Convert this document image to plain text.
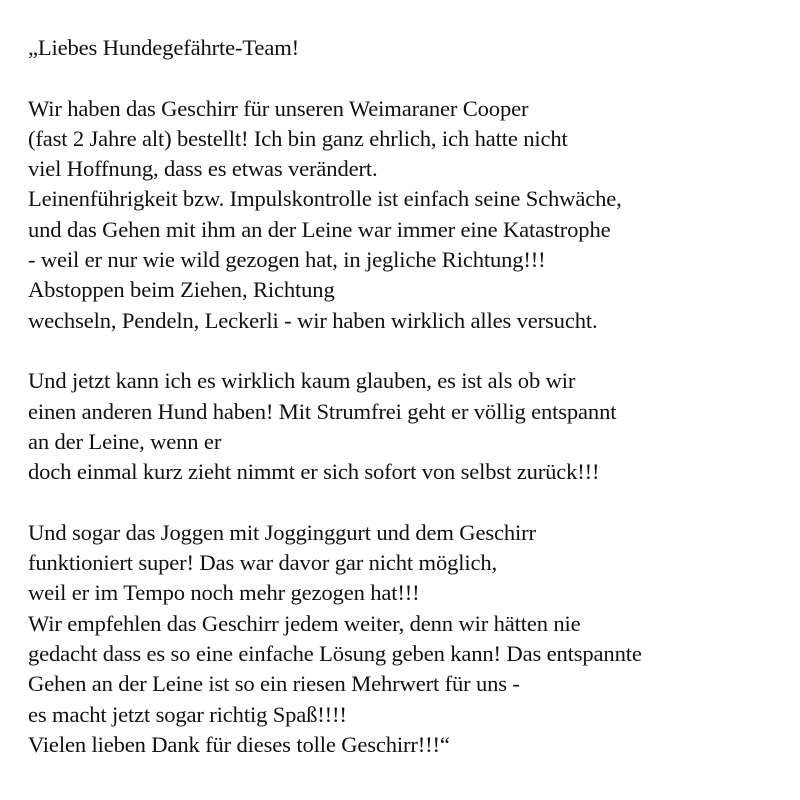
„Liebes Hundegefährte-Team!
Wir haben das Geschirr für unseren Weimaraner Cooper
(fast 2 Jahre alt) bestellt! Ich bin ganz ehrlich, ich hatte nicht
viel Hoffnung, dass es etwas verändert.
Leinenführigkeit bzw. Impulskontrolle ist einfach seine Schwäche,
und das Gehen mit ihm an der Leine war immer eine Katastrophe
- weil er nur wie wild gezogen hat, in jegliche Richtung!!!
Abstoppen beim Ziehen, Richtung
wechseln, Pendeln, Leckerli - wir haben wirklich alles versucht.
Und jetzt kann ich es wirklich kaum glauben, es ist als ob wir
einen anderen Hund haben! Mit Strumfrei geht er völlig entspannt
an der Leine, wenn er
doch einmal kurz zieht nimmt er sich sofort von selbst zurück!!!
Und sogar das Joggen mit Jogginggurt und dem Geschirr
funktioniert super! Das war davor gar nicht möglich,
weil er im Tempo noch mehr gezogen hat!!!
Wir empfehlen das Geschirr jedem weiter, denn wir hätten nie
gedacht dass es so eine einfache Lösung geben kann! Das entspannte
Gehen an der Leine ist so ein riesen Mehrwert für uns -
es macht jetzt sogar richtig Spaß!!!!
Vielen lieben Dank für dieses tolle Geschirr!!!“
